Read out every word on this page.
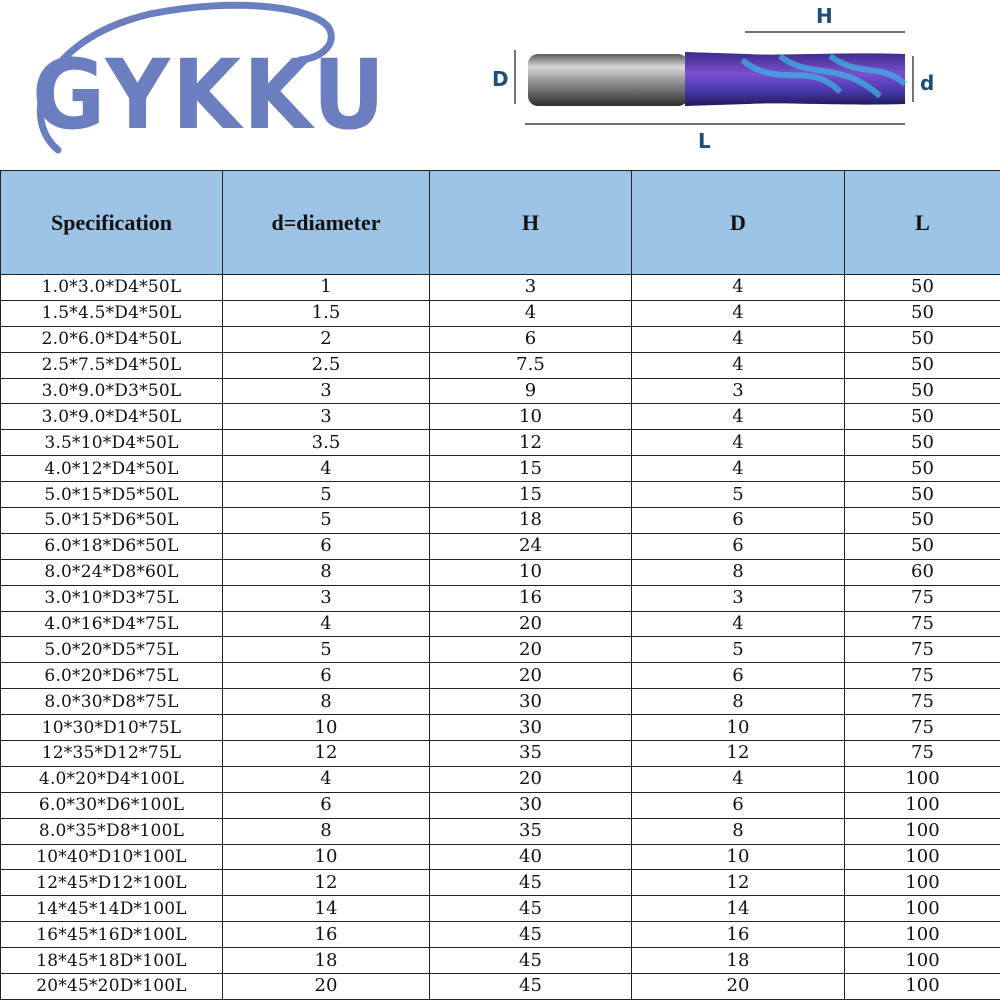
GYKKU
H
D	d
L
Specification	d=diameter	H	D	L
1.0*3.0*D4*50L	1	3	4	50
1.5*4.5*D4*50L	1.5	4	4	50
2.0*6.0*D4*50L	2	6	4	50
2.5*7.5*D4*50L	2.5	7.5	4	50
3.0*9.0*D3*50L	3	9	3	50
3.0*9.0*D4*50L	3	10	4	50
3.5*10*D4*50L	3.5	12	4	50
4.0*12*D4*50L	4	15	4	50
5.0*15*D5*50L	5	15	5	50
5.0*15*D6*50L	5	18	6	50
6.0*18*D6*50L	6	24	6	50
8.0*24*D8*60L	8	10	8	60
3.0*10*D3*75L	3	16	3	75
4.0*16*D4*75L	4	20	4	75
5.0*20*D5*75L	5	20	5	75
6.0*20*D6*75L	6	20	6	75
8.0*30*D8*75L	8	30	8	75
10*30*D10*75L	10	30	10	75
12*35*D12*75L	12	35	12	75
4.0*20*D4*100L	4	20	4	100
6.0*30*D6*100L	6	30	6	100
8.0*35*D8*100L	8	35	8	100
10*40*D10*100L	10	40	10	100
12*45*D12*100L	12	45	12	100
14*45*14D*100L	14	45	14	100
16*45*16D*100L	16	45	16	100
18*45*18D*100L	18	45	18	100
20*45*20D*100L	20	45	20	100
